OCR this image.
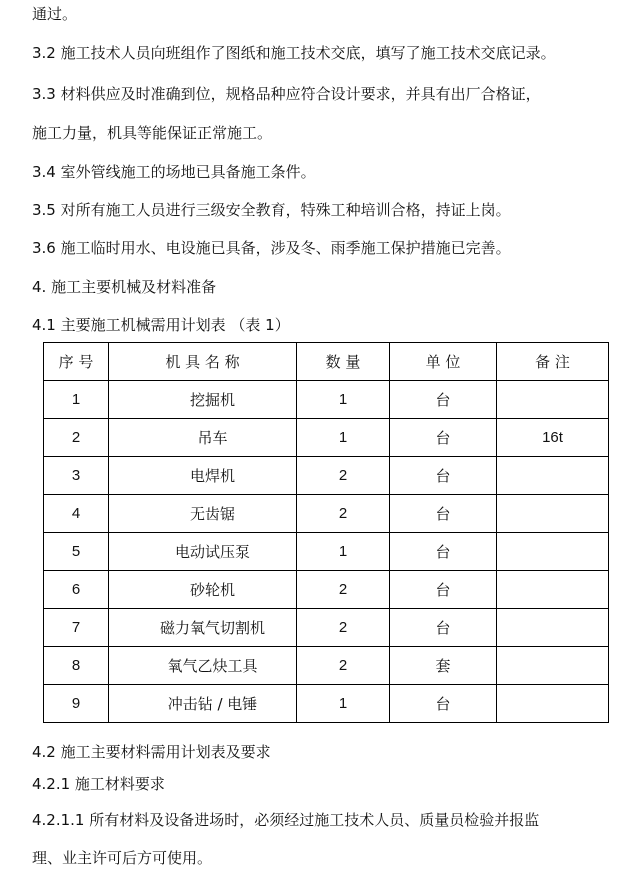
通过。
3.2 施工技术人员向班组作了图纸和施工技术交底，填写了施工技术交底记录。
3.3 材料供应及时准确到位，规格品种应符合设计要求，并具有出厂合格证，
施工力量，机具等能保证正常施工。
3.4 室外管线施工的场地已具备施工条件。
3.5 对所有施工人员进行三级安全教育，特殊工种培训合格，持证上岗。
3.6 施工临时用水、电设施已具备，涉及冬、雨季施工保护措施已完善。
4. 施工主要机械及材料准备
4.1 主要施工机械需用计划表 （表 1）
序 号	机 具 名 称	数 量	单 位	备 注
1	挖掘机	1	台	
2	吊车	1	台	16t
3	电焊机	2	台	
4	无齿锯	2	台	
5	电动试压泵	1	台	
6	砂轮机	2	台	
7	磁力氧气切割机	2	台	
8	氧气乙炔工具	2	套	
9	冲击钻 / 电锤	1	台	
4.2 施工主要材料需用计划表及要求
4.2.1 施工材料要求
4.2.1.1 所有材料及设备进场时，必须经过施工技术人员、质量员检验并报监
理、业主许可后方可使用。
